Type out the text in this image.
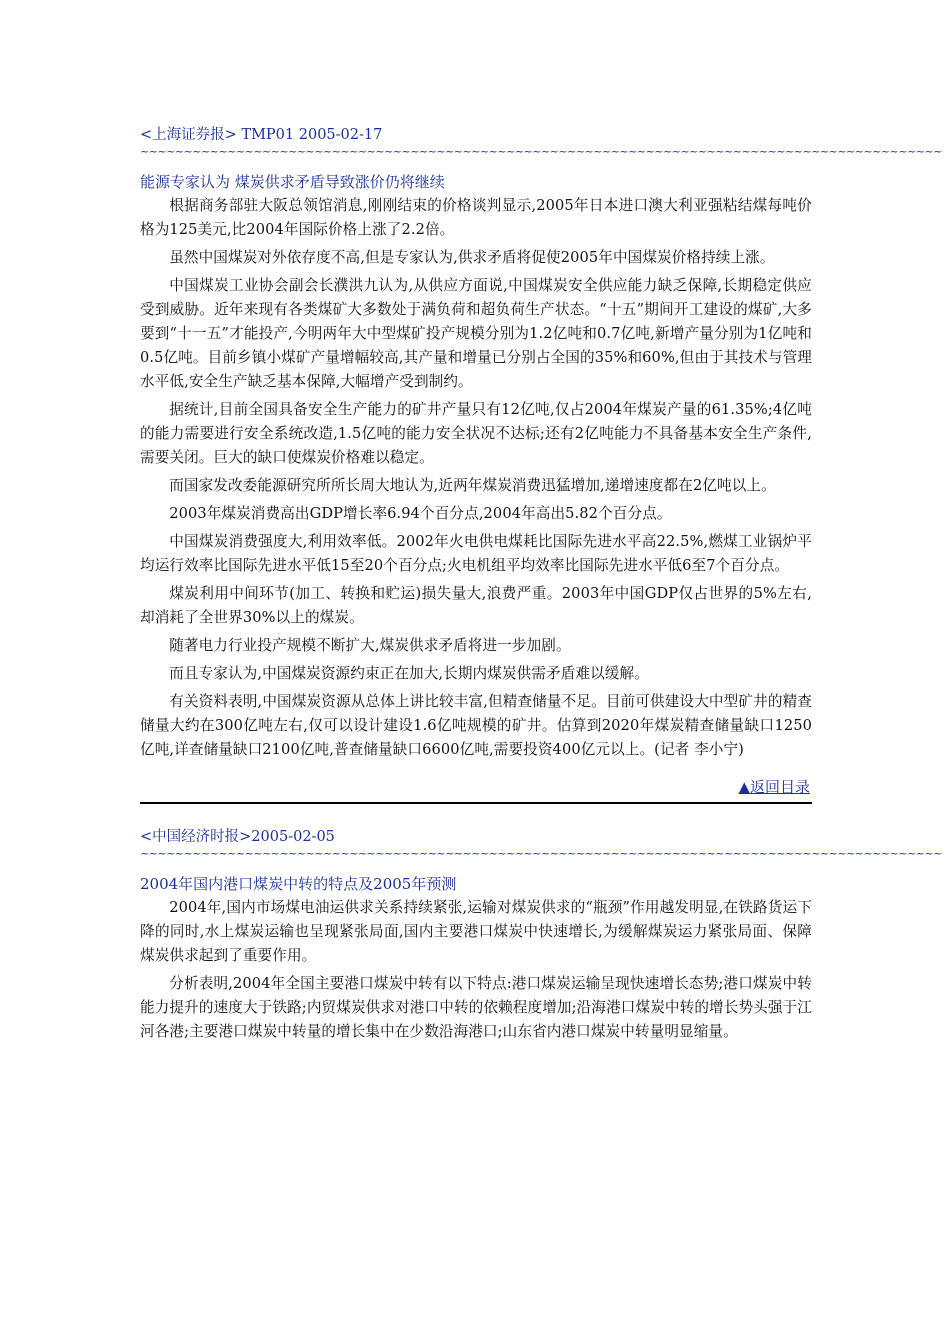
<上海证券报> TMP01 2005-02-17
~~~~~~~~~~~~~~~~~~~~~~~~~~~~~~~~~~~~~~~~~~~~~~~~~~~~~~~~~~~~~~~~~~~~~~~~~~~~~~~~~~~~~~~~~~~~
能源专家认为 煤炭供求矛盾导致涨价仍将继续

根据商务部驻大阪总领馆消息,刚刚结束的价格谈判显示,2005年日本进口澳大利亚强粘结煤每吨价格为125美元,比2004年国际价格上涨了2.2倍。

虽然中国煤炭对外依存度不高,但是专家认为,供求矛盾将促使2005年中国煤炭价格持续上涨。

中国煤炭工业协会副会长濮洪九认为,从供应方面说,中国煤炭安全供应能力缺乏保障,长期稳定供应受到威胁。近年来现有各类煤矿大多数处于满负荷和超负荷生产状态。“十五”期间开工建设的煤矿,大多要到“十一五”才能投产,今明两年大中型煤矿投产规模分别为1.2亿吨和0.7亿吨,新增产量分别为1亿吨和0.5亿吨。目前乡镇小煤矿产量增幅较高,其产量和增量已分别占全国的35%和60%,但由于其技术与管理水平低,安全生产缺乏基本保障,大幅增产受到制约。

据统计,目前全国具备安全生产能力的矿井产量只有12亿吨,仅占2004年煤炭产量的61.35%;4亿吨的能力需要进行安全系统改造,1.5亿吨的能力安全状况不达标;还有2亿吨能力不具备基本安全生产条件,需要关闭。巨大的缺口使煤炭价格难以稳定。

而国家发改委能源研究所所长周大地认为,近两年煤炭消费迅猛增加,递增速度都在2亿吨以上。

2003年煤炭消费高出GDP增长率6.94个百分点,2004年高出5.82个百分点。

中国煤炭消费强度大,利用效率低。2002年火电供电煤耗比国际先进水平高22.5%,燃煤工业锅炉平均运行效率比国际先进水平低15至20个百分点;火电机组平均效率比国际先进水平低6至7个百分点。

煤炭利用中间环节(加工、转换和贮运)损失量大,浪费严重。2003年中国GDP仅占世界的5%左右,却消耗了全世界30%以上的煤炭。

随著电力行业投产规模不断扩大,煤炭供求矛盾将进一步加剧。

而且专家认为,中国煤炭资源约束正在加大,长期内煤炭供需矛盾难以缓解。

有关资料表明,中国煤炭资源从总体上讲比较丰富,但精查储量不足。目前可供建设大中型矿井的精查储量大约在300亿吨左右,仅可以设计建设1.6亿吨规模的矿井。估算到2020年煤炭精查储量缺口1250亿吨,详查储量缺口2100亿吨,普查储量缺口6600亿吨,需要投资400亿元以上。(记者 李小宁)

▲返回目录
<中国经济时报>2005-02-05
~~~~~~~~~~~~~~~~~~~~~~~~~~~~~~~~~~~~~~~~~~~~~~~~~~~~~~~~~~~~~~~~~~~~~~~~~~~~~~~~~~~~~~~~~~~~
2004年国内港口煤炭中转的特点及2005年预测

2004年,国内市场煤电油运供求关系持续紧张,运输对煤炭供求的“瓶颈”作用越发明显,在铁路货运下降的同时,水上煤炭运输也呈现紧张局面,国内主要港口煤炭中快速增长,为缓解煤炭运力紧张局面、保障煤炭供求起到了重要作用。

分析表明,2004年全国主要港口煤炭中转有以下特点:港口煤炭运输呈现快速增长态势;港口煤炭中转能力提升的速度大于铁路;内贸煤炭供求对港口中转的依赖程度增加;沿海港口煤炭中转的增长势头强于江河各港;主要港口煤炭中转量的增长集中在少数沿海港口;山东省内港口煤炭中转量明显缩量。
